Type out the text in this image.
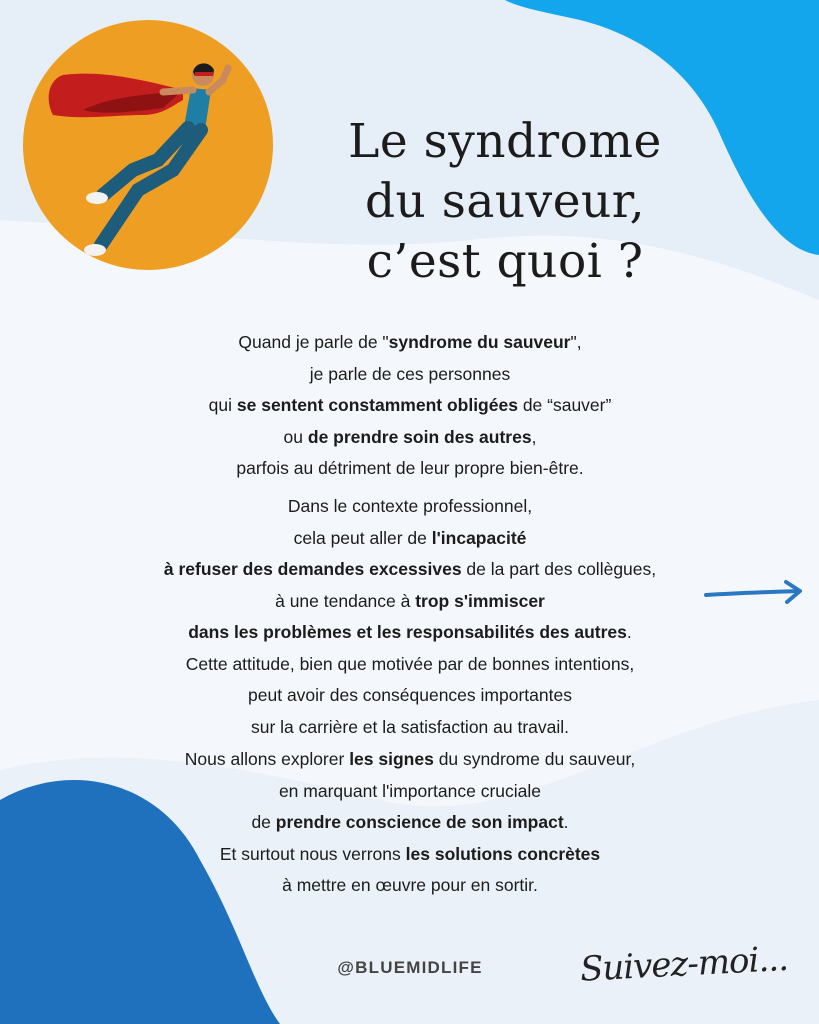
Le syndrome
du sauveur,
c’est quoi ?

Quand je parle de "syndrome du sauveur",

je parle de ces personnes

qui se sentent constamment obligées de “sauver”

ou de prendre soin des autres,

parfois au détriment de leur propre bien-être.

Dans le contexte professionnel,

cela peut aller de l'incapacité

à refuser des demandes excessives de la part des collègues,

à une tendance à trop s'immiscer

dans les problèmes et les responsabilités des autres.

Cette attitude, bien que motivée par de bonnes intentions,

peut avoir des conséquences importantes

sur la carrière et la satisfaction au travail.

Nous allons explorer les signes du syndrome du sauveur,

en marquant l'importance cruciale

de prendre conscience de son impact.

Et surtout nous verrons les solutions concrètes

à mettre en œuvre pour en sortir.

@BLUEMIDLIFE	Suivez-moi...
